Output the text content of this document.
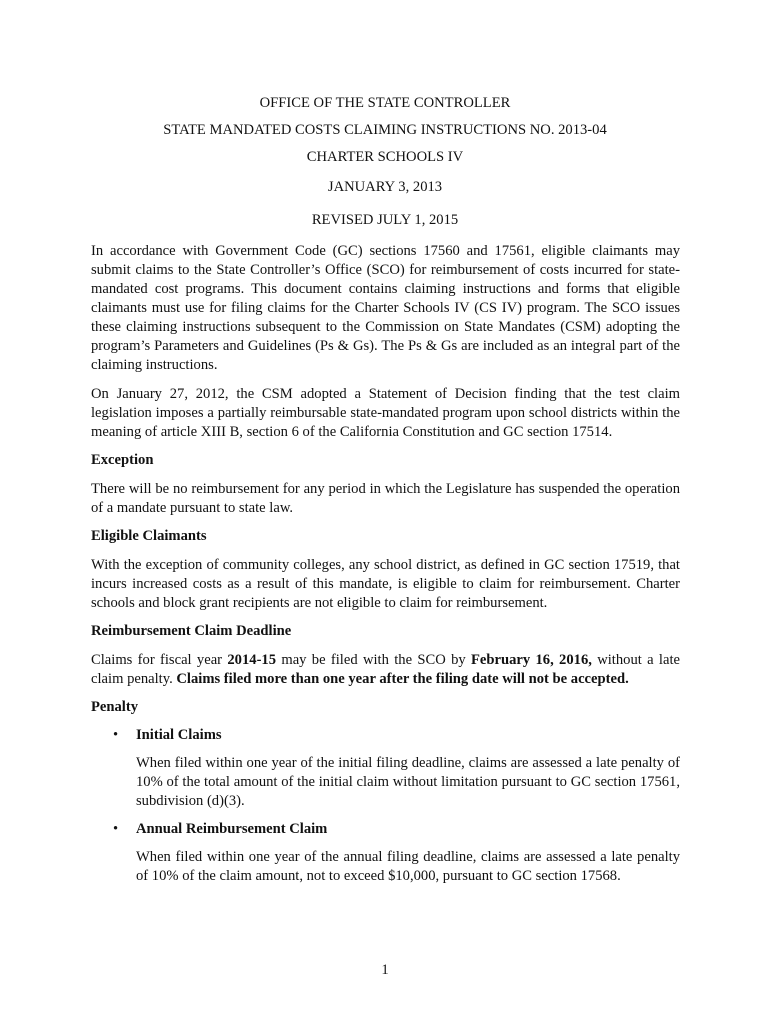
OFFICE OF THE STATE CONTROLLER
STATE MANDATED COSTS CLAIMING INSTRUCTIONS NO. 2013-04
CHARTER SCHOOLS IV
JANUARY 3, 2013
REVISED JULY 1, 2015

In accordance with Government Code (GC) sections 17560 and 17561, eligible claimants may submit claims to the State Controller’s Office (SCO) for reimbursement of costs incurred for state-mandated cost programs. This document contains claiming instructions and forms that eligible claimants must use for filing claims for the Charter Schools IV (CS IV) program. The SCO issues these claiming instructions subsequent to the Commission on State Mandates (CSM) adopting the program’s Parameters and Guidelines (Ps & Gs). The Ps & Gs are included as an integral part of the claiming instructions.

On January 27, 2012, the CSM adopted a Statement of Decision finding that the test claim legislation imposes a partially reimbursable state-mandated program upon school districts within the meaning of article XIII B, section 6 of the California Constitution and GC section 17514.

Exception

There will be no reimbursement for any period in which the Legislature has suspended the operation of a mandate pursuant to state law.

Eligible Claimants

With the exception of community colleges, any school district, as defined in GC section 17519, that incurs increased costs as a result of this mandate, is eligible to claim for reimbursement. Charter schools and block grant recipients are not eligible to claim for reimbursement.

Reimbursement Claim Deadline

Claims for fiscal year 2014-15 may be filed with the SCO by February 16, 2016, without a late claim penalty. Claims filed more than one year after the filing date will not be accepted.

Penalty

• Initial Claims

When filed within one year of the initial filing deadline, claims are assessed a late penalty of 10% of the total amount of the initial claim without limitation pursuant to GC section 17561, subdivision (d)(3).

• Annual Reimbursement Claim

When filed within one year of the annual filing deadline, claims are assessed a late penalty of 10% of the claim amount, not to exceed $10,000, pursuant to GC section 17568.

1
